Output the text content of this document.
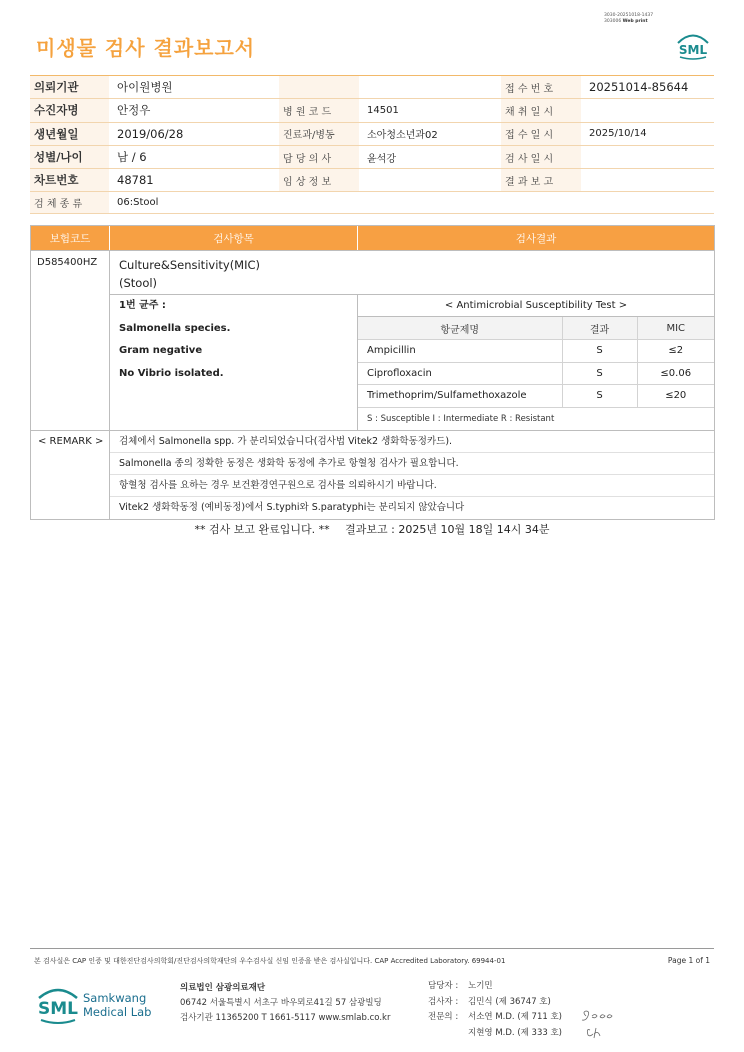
3030-20251018-1437
303006 Web print
미생물 검사 결과보고서	SML
의뢰기관	아이원병원			접 수 번 호	20251014-85644
수진자명	안정우	병 원 코 드	14501	채 취 일 시	
생년월일	2019/06/28	진료과/병동	소아청소년과02	접 수 일 시	2025/10/14
성별/나이	남 / 6	담 당 의 사	윤석강	검 사 일 시	
차트번호	48781	임 상 정 보		결 과 보 고	
검 체 종 류	06:Stool				
보험코드	검사항목	검사결과
D585400HZ	Culture&Sensitivity(MIC)
(Stool)
1번 균주 :
Salmonella species.
Gram negative
No Vibrio isolated.
< Antimicrobial Susceptibility Test >
항균제명	결과	MIC
Ampicillin	S	≤2
Ciprofloxacin	S	≤0.06
Trimethoprim/Sulfamethoxazole	S	≤20
S : Susceptible I : Intermediate R : Resistant
< REMARK >	검체에서 Salmonella spp. 가 분리되었습니다(검사법 Vitek2 생화학동정카드).
Salmonella 종의 정확한 동정은 생화학 동정에 추가로 항혈청 검사가 필요합니다.
항혈청 검사를 요하는 경우 보건환경연구원으로 검사를 의뢰하시기 바랍니다.
Vitek2 생화학동정 (예비동정)에서 S.typhi와 S.paratyphi는 분리되지 않았습니다
** 검사 보고 완료입니다. ** 결과보고 : 2025년 10월 18일 14시 34분
본 검사실은 CAP 인증 및 대한진단검사의학회/진단검사의학재단의 우수검사실 신임 인증을 받은 검사실입니다. CAP Accredited Laboratory. 69944-01	Page 1 of 1
SML
Samkwang
Medical Lab
의료법인 삼광의료재단
06742 서울특별시 서초구 바우뫼로41길 57 삼광빌딩
검사기관 11365200 T 1661-5117 www.smlab.co.kr
담당자 :	노기민
검사자 :	김민식 (제 36747 호)
전문의 :	서소연 M.D. (제 711 호)
지현영 M.D. (제 333 호)
